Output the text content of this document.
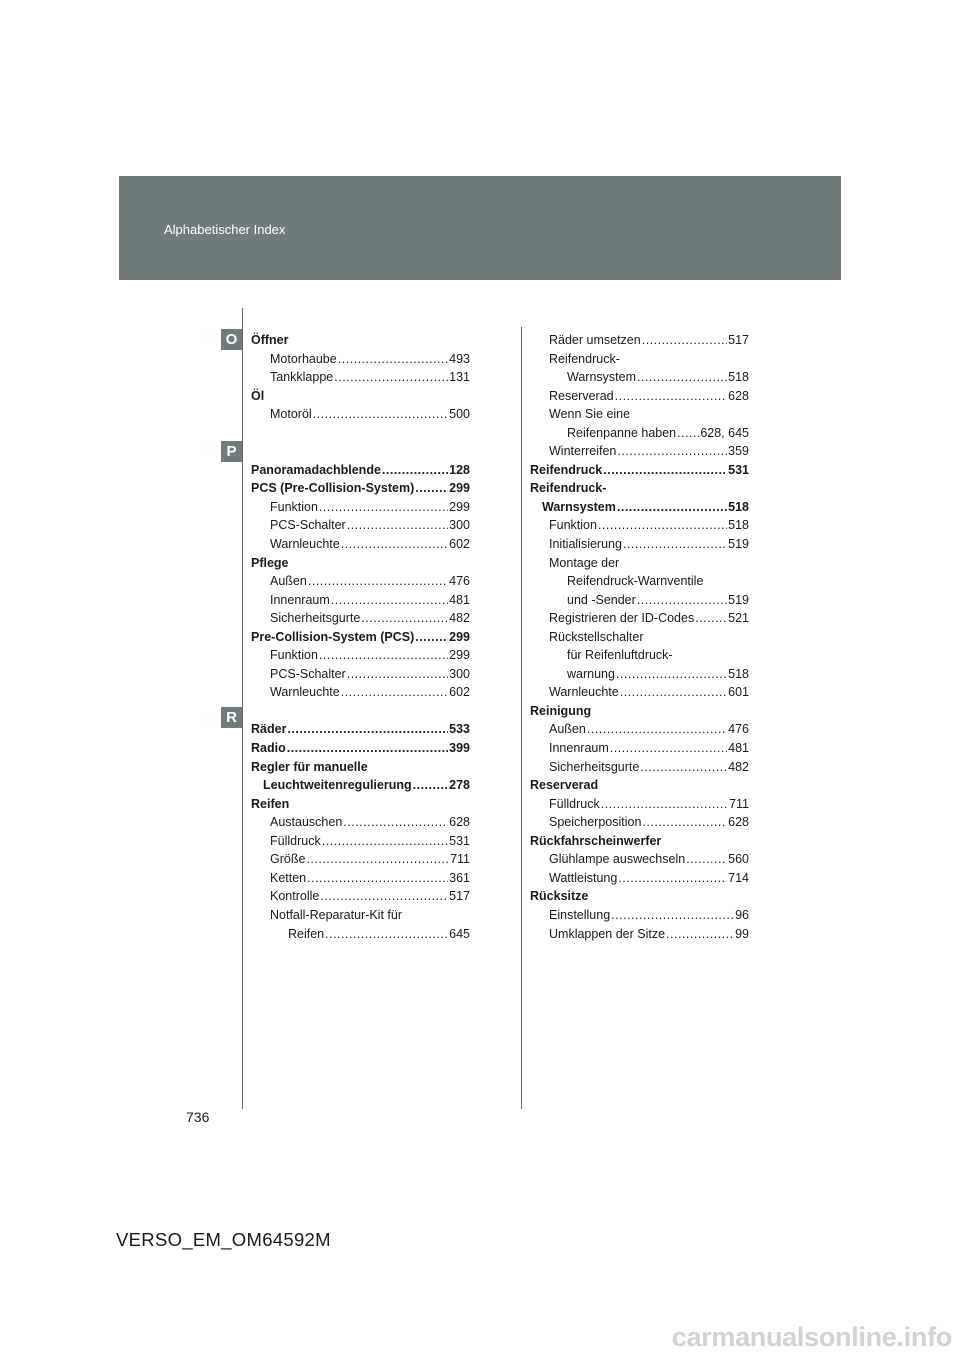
Alphabetischer Index
O
P
R
Öffner
Motorhaube .....	493
Tankklappe .....	131
Öl
Motoröl .....	500
Panoramadachblende .....	128
PCS (Pre-Collision-System) .....	299
Funktion .....	299
PCS-Schalter .....	300
Warnleuchte .....	602
Pflege
Außen .....	476
Innenraum .....	481
Sicherheitsgurte .....	482
Pre-Collision-System (PCS) .....	299
Funktion .....	299
PCS-Schalter .....	300
Warnleuchte .....	602
Räder .....	533
Radio .....	399
Regler für manuelle
Leuchtweitenregulierung .....	278
Reifen
Austauschen .....	628
Fülldruck .....	531
Größe .....	711
Ketten .....	361
Kontrolle .....	517
Notfall-Reparatur-Kit für
Reifen .....	645
Räder umsetzen .....	517
Reifendruck-
Warnsystem .....	518
Reserverad .....	628
Wenn Sie eine
Reifenpanne haben ..... 628, 645
Winterreifen .....	359
Reifendruck .....	531
Reifendruck-
Warnsystem .....	518
Funktion .....	518
Initialisierung .....	519
Montage der
Reifendruck-Warnventile
und -Sender .....	519
Registrieren der ID-Codes .....	521
Rückstellschalter
für Reifenluftdruck-
warnung .....	518
Warnleuchte .....	601
Reinigung
Außen .....	476
Innenraum .....	481
Sicherheitsgurte .....	482
Reserverad
Fülldruck .....	711
Speicherposition .....	628
Rückfahrscheinwerfer
Glühlampe auswechseln .....	560
Wattleistung .....	714
Rücksitze
Einstellung .....	96
Umklappen der Sitze .....	99
736
VERSO_EM_OM64592M
carmanualsonline.info
